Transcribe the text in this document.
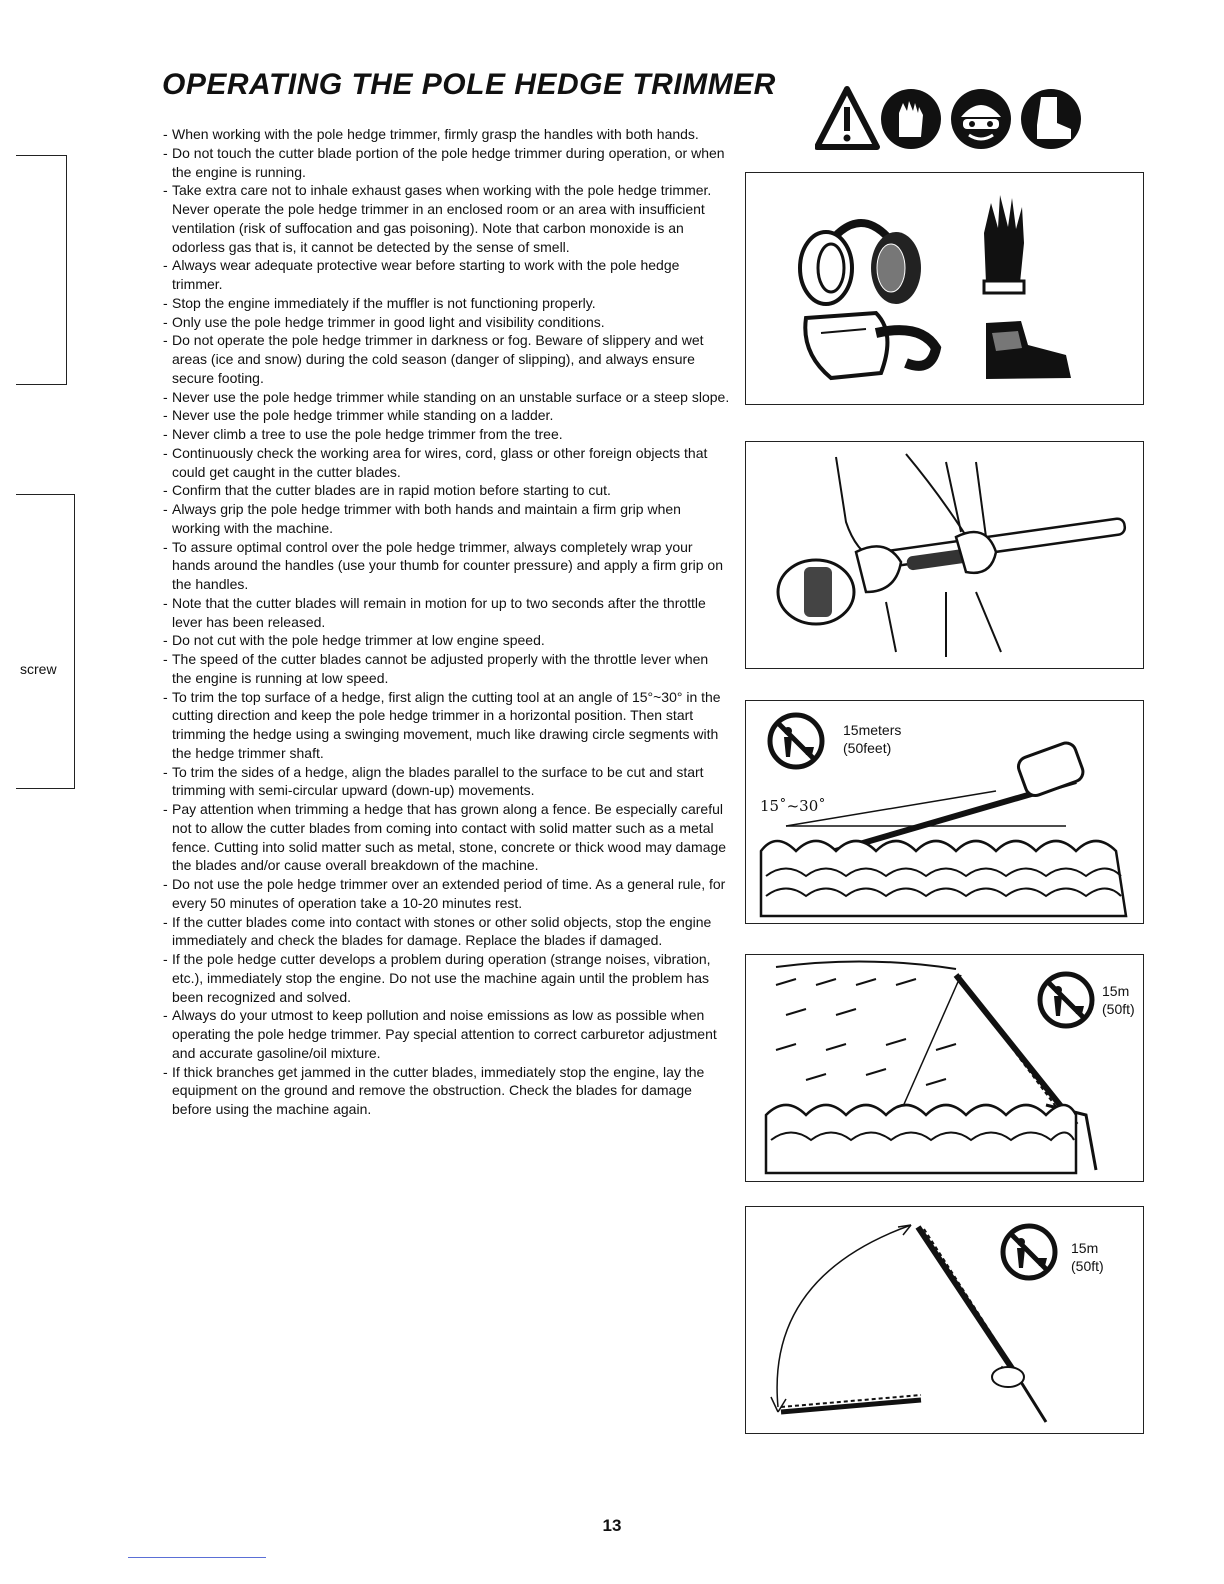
screw
OPERATING THE POLE HEDGE TRIMMER
- When working with the pole hedge trimmer, firmly grasp the handles with both hands.
- Do not touch the cutter blade portion of the pole hedge trimmer during operation, or when the engine is running.
- Take extra care not to inhale exhaust gases when working with the pole hedge trimmer. Never operate the pole hedge trimmer in an enclosed room or an area with insufficient ventilation (risk of suffocation and gas poisoning). Note that carbon monoxide is an odorless gas that is, it cannot be detected by the sense of smell.
- Always wear adequate protective wear before starting to work with the pole hedge trimmer.
- Stop the engine immediately if the muffler is not functioning properly.
- Only use the pole hedge trimmer in good light and visibility conditions.
- Do not operate the pole hedge trimmer in darkness or fog. Beware of slippery and wet areas (ice and snow) during the cold season (danger of slipping), and always ensure secure footing.
- Never use the pole hedge trimmer while standing on an unstable surface or a steep slope.
- Never use the pole hedge trimmer while standing on a ladder.
- Never climb a tree to use the pole hedge trimmer from the tree.
- Continuously check the working area for wires, cord, glass or other foreign objects that could get caught in the cutter blades.
- Confirm that the cutter blades are in rapid motion before starting to cut.
- Always grip the pole hedge trimmer with both hands and maintain a firm grip when working with the machine.
- To assure optimal control over the pole hedge trimmer, always completely wrap your hands around the handles (use your thumb for counter pressure) and apply a firm grip on the handles.
- Note that the cutter blades will remain in motion for up to two seconds after the throttle lever has been released.
- Do not cut with the pole hedge trimmer at low engine speed.
- The speed of the cutter blades cannot be adjusted properly with the throttle lever when the engine is running at low speed.
- To trim the top surface of a hedge, first align the cutting tool at an angle of 15°~30° in the cutting direction and keep the pole hedge trimmer in a horizontal position. Then start trimming the hedge using a swinging movement, much like drawing circle segments with the hedge trimmer shaft.
- To trim the sides of a hedge, align the blades parallel to the surface to be cut and start trimming with semi-circular upward (down-up) movements.
- Pay attention when trimming a hedge that has grown along a fence. Be especially careful not to allow the cutter blades from coming into contact with solid matter such as a metal fence. Cutting into solid matter such as metal, stone, concrete or thick wood may damage the blades and/or cause overall breakdown of the machine.
- Do not use the pole hedge trimmer over an extended period of time. As a general rule, for every 50 minutes of operation take a 10-20 minutes rest.
- If the cutter blades come into contact with stones or other solid objects, stop the engine immediately and check the blades for damage. Replace the blades if damaged.
- If the pole hedge cutter develops a problem during operation (strange noises, vibration, etc.), immediately stop the engine. Do not use the machine again until the problem has been recognized and solved.
- Always do your utmost to keep pollution and noise emissions as low as possible when operating the pole hedge trimmer. Pay special attention to correct carburetor adjustment and accurate gasoline/oil mixture.
- If thick branches get jammed in the cutter blades, immediately stop the engine, lay the equipment on the ground and remove the obstruction. Check the blades for damage before using the machine again.
15meters
(50feet)
15˚~30˚
15m
(50ft)
15m
(50ft)
13
